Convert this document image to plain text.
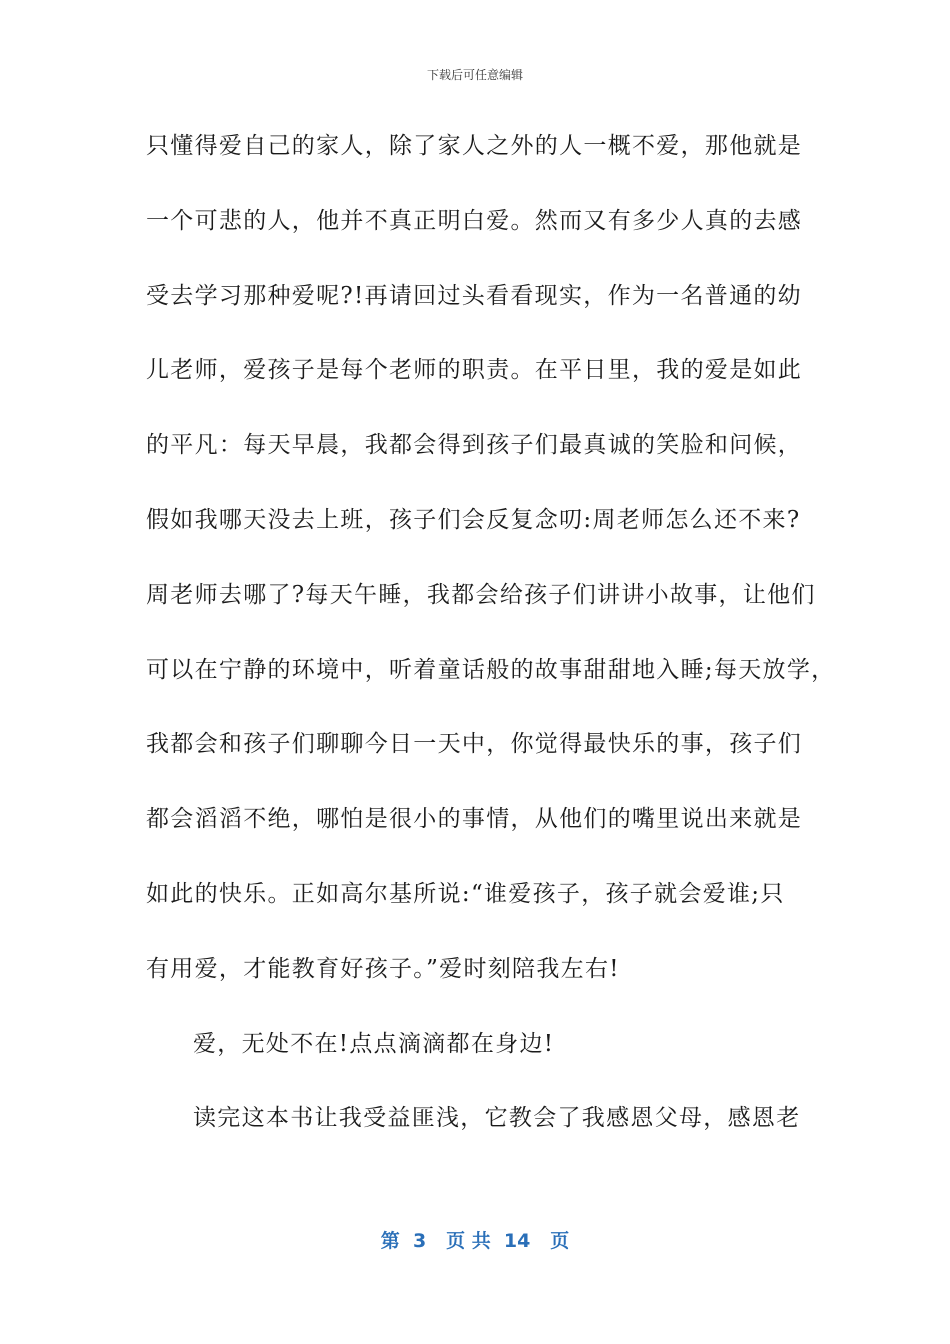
下载后可任意编辑
只懂得爱自己的家人，除了家人之外的人一概不爱，那他就是
一个可悲的人，他并不真正明白爱。然而又有多少人真的去感
受去学习那种爱呢?!再请回过头看看现实，作为一名普通的幼
儿老师，爱孩子是每个老师的职责。在平日里，我的爱是如此
的平凡：每天早晨，我都会得到孩子们最真诚的笑脸和问候，
假如我哪天没去上班，孩子们会反复念叨:周老师怎么还不来?
周老师去哪了?每天午睡，我都会给孩子们讲讲小故事，让他们
可以在宁静的环境中，听着童话般的故事甜甜地入睡;每天放学，
我都会和孩子们聊聊今日一天中，你觉得最快乐的事，孩子们
都会滔滔不绝，哪怕是很小的事情，从他们的嘴里说出来就是
如此的快乐。正如高尔基所说:“谁爱孩子，孩子就会爱谁;只
有用爱，才能教育好孩子。”爱时刻陪我左右!
爱，无处不在!点点滴滴都在身边!
读完这本书让我受益匪浅，它教会了我感恩父母，感恩老
第  3   页 共  14   页
